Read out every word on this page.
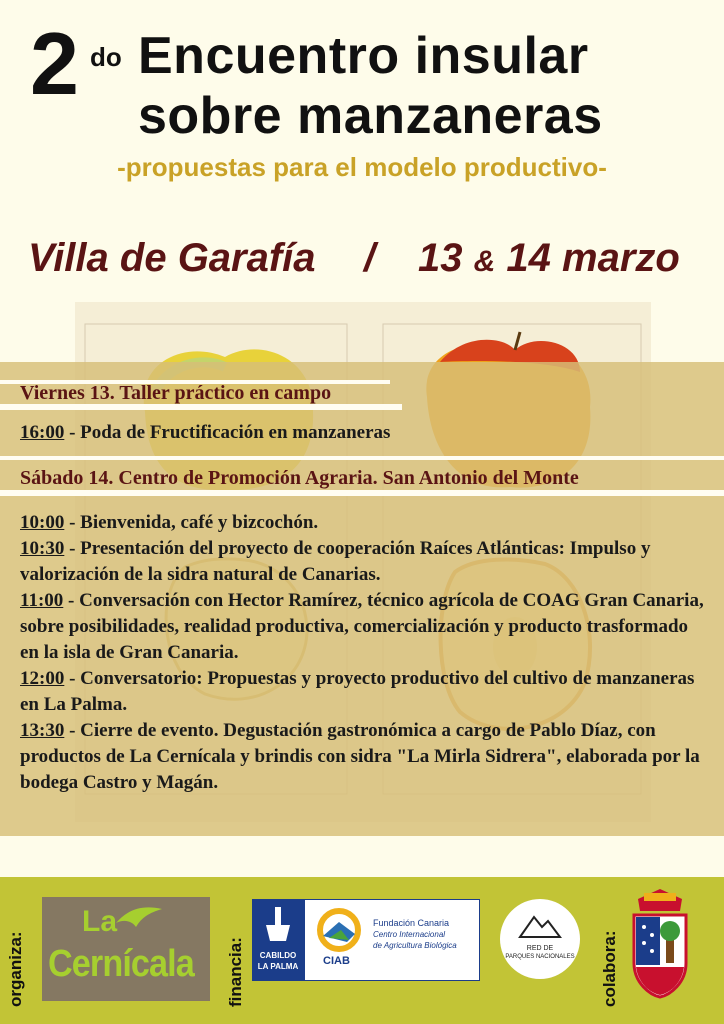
2 do Encuentro insular
sobre manzaneras
-propuestas para el modelo productivo-
Villa de Garafía / 13 & 14 marzo
Viernes 13. Taller práctico en campo
16:00 - Poda de Fructificación en manzaneras
Sábado 14. Centro de Promoción Agraria. San Antonio del Monte
10:00 - Bienvenida, café y bizcochón.
10:30 - Presentación del proyecto de cooperación Raíces Atlánticas: Impulso y valorización de la sidra natural de Canarias.
11:00 - Conversación con Hector Ramírez, técnico agrícola de COAG Gran Canaria, sobre posibilidades, realidad productiva, comercialización y producto trasformado en la isla de Gran Canaria.
12:00 - Conversatorio: Propuestas y proyecto productivo del cultivo de manzaneras en La Palma.
13:30 - Cierre de evento. Degustación gastronómica a cargo de Pablo Díaz, con productos de La Cernícala y brindis con sidra "La Mirla Sidrera", elaborada por la bodega Castro y Magán.
organiza:
La
Cernícala financia:	CABILDO
LA PALMA	CIAB
Fundación Canaria
Centro Internacional
de Agricultura Biológica	RED DE
PARQUES NACIONALES	colabora:
